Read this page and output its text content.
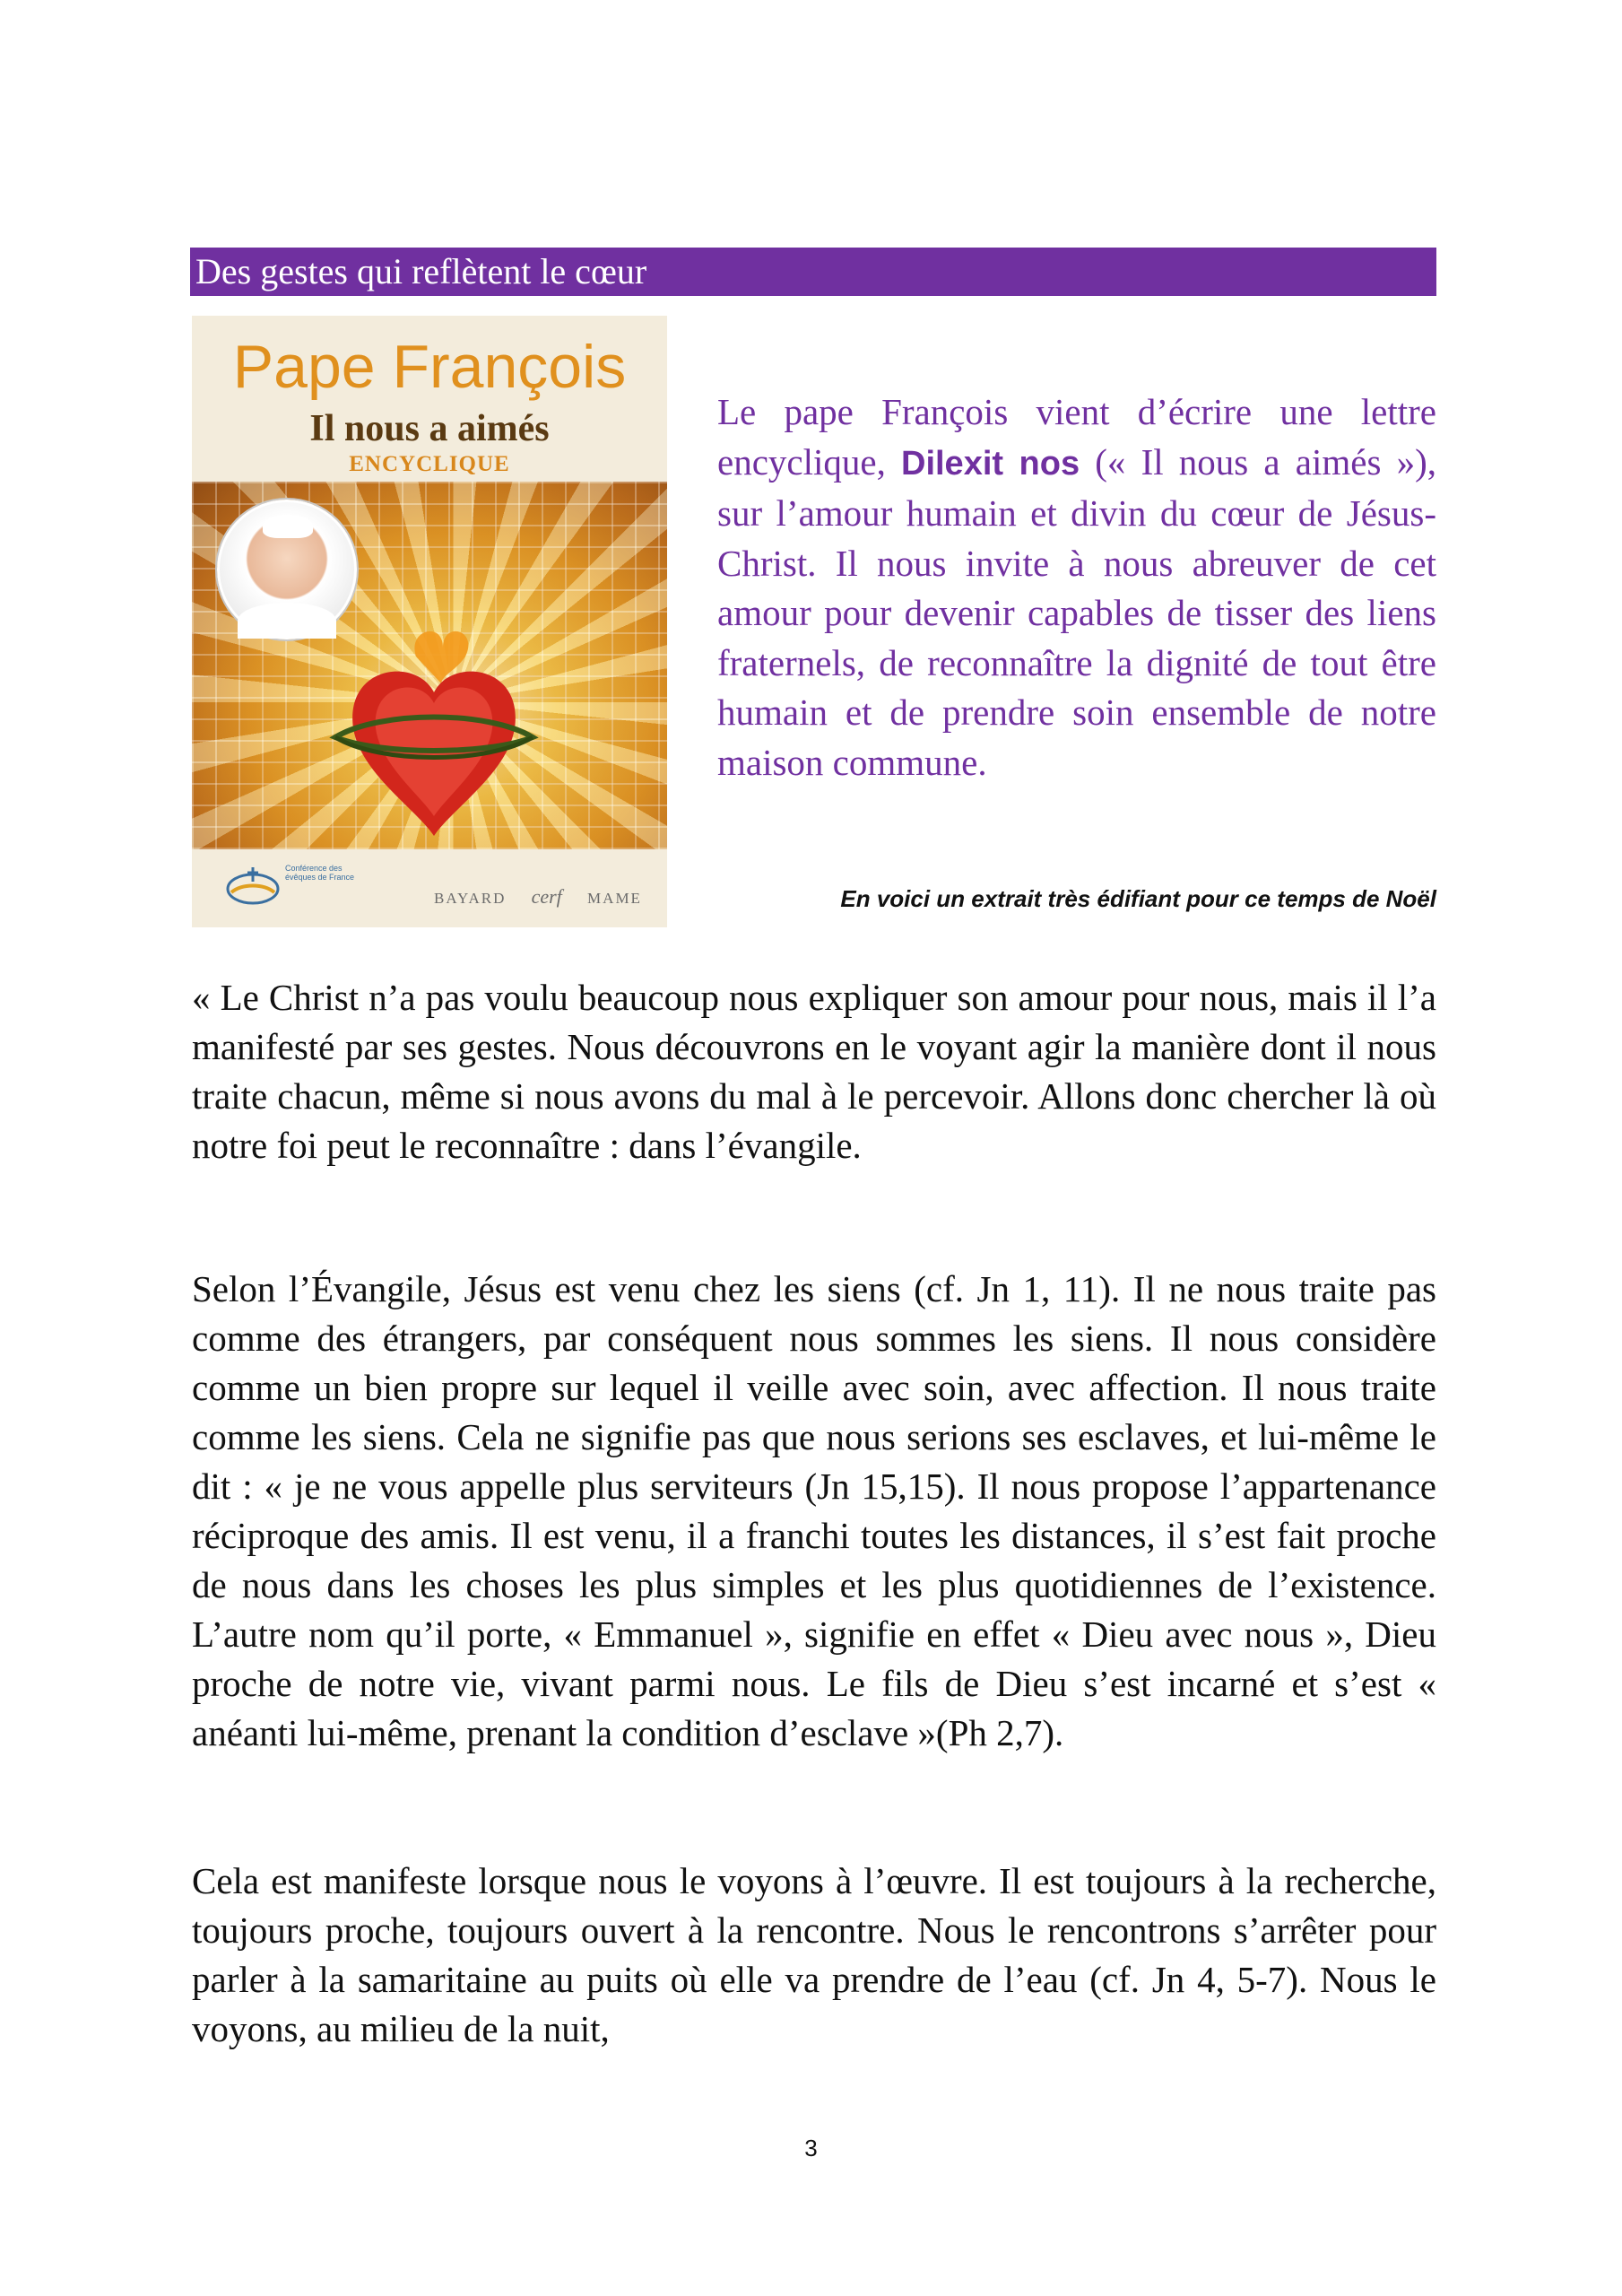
Des gestes qui reflètent le cœur
Pape François
Il nous a aimés
ENCYCLIQUE
Conférence des évêques de France
BAYARD cerf MAME
Le pape François vient d’écrire une lettre encyclique, Dilexit nos (« Il nous a aimés »), sur l’amour humain et divin du cœur de Jésus-Christ. Il nous invite à nous abreuver de cet amour pour devenir capables de tisser des liens fraternels, de reconnaître la dignité de tout être humain et de prendre soin ensemble de notre maison commune.
En voici un extrait très édifiant pour ce temps de Noël

« Le Christ n’a pas voulu beaucoup nous expliquer son amour pour nous, mais il l’a manifesté par ses gestes. Nous découvrons en le voyant agir la manière dont il nous traite chacun, même si nous avons du mal à le percevoir. Allons donc chercher là où notre foi peut le reconnaître : dans l’évangile.

Selon l’Évangile, Jésus est venu chez les siens (cf. Jn 1, 11). Il ne nous traite pas comme des étrangers, par conséquent nous sommes les siens. Il nous considère comme un bien propre sur lequel il veille avec soin, avec affection. Il nous traite comme les siens. Cela ne signifie pas que nous serions ses esclaves, et lui-même le dit : « je ne vous appelle plus serviteurs (Jn 15,15). Il nous propose l’appartenance réciproque des amis. Il est venu, il a franchi toutes les distances, il s’est fait proche de nous dans les choses les plus simples et les plus quotidiennes de l’existence. L’autre nom qu’il porte, « Emmanuel », signifie en effet « Dieu avec nous », Dieu proche de notre vie, vivant parmi nous. Le fils de Dieu s’est incarné et s’est « anéanti lui-même, prenant la condition d’esclave »(Ph 2,7).

Cela est manifeste lorsque nous le voyons à l’œuvre. Il est toujours à la recherche, toujours proche, toujours ouvert à la rencontre. Nous le rencontrons s’arrêter pour parler à la samaritaine au puits où elle va prendre de l’eau (cf. Jn 4, 5-7). Nous le voyons, au milieu de la nuit,

3
